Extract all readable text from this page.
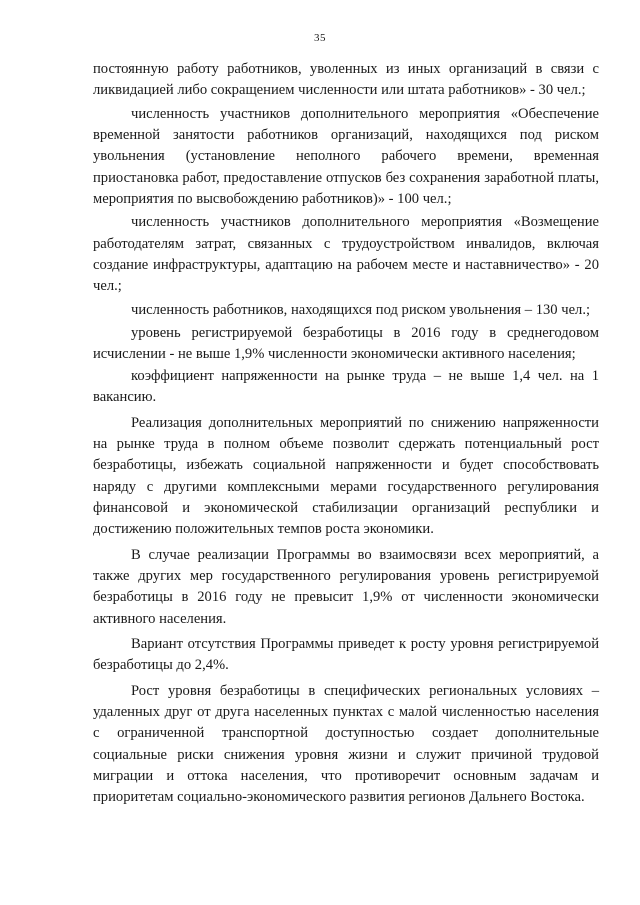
35

постоянную работу работников, уволенных из иных организаций в связи с ликвидацией либо сокращением численности или штата работников» - 30 чел.;

численность участников дополнительного мероприятия «Обеспечение временной занятости работников организаций, находящихся под риском увольнения (установление неполного рабочего времени, временная приостановка работ, предоставление отпусков без сохранения заработной платы, мероприятия по высвобождению работников)» - 100 чел.;

численность участников дополнительного мероприятия «Возмещение работодателям затрат, связанных с трудоустройством инвалидов, включая создание инфраструктуры, адаптацию на рабочем месте и наставничество» - 20 чел.;

численность работников, находящихся под риском увольнения – 130 чел.;

уровень регистрируемой безработицы в 2016 году в среднегодовом исчислении - не выше 1,9% численности экономически активного населения;

коэффициент напряженности на рынке труда – не выше 1,4 чел. на 1 вакансию.

Реализация дополнительных мероприятий по снижению напряженности на рынке труда в полном объеме позволит сдержать потенциальный рост безработицы, избежать социальной напряженности и будет способствовать наряду с другими комплексными мерами государственного регулирования финансовой и экономической стабилизации организаций республики и достижению положительных темпов роста экономики.

В случае реализации Программы во взаимосвязи всех мероприятий, а также других мер государственного регулирования уровень регистрируемой безработицы в 2016 году не превысит 1,9% от численности экономически активного населения.

Вариант отсутствия Программы приведет к росту уровня регистрируемой безработицы до 2,4%.

Рост уровня безработицы в специфических региональных условиях – удаленных друг от друга населенных пунктах с малой численностью населения с ограниченной транспортной доступностью создает дополнительные социальные риски снижения уровня жизни и служит причиной трудовой миграции и оттока населения, что противоречит основным задачам и приоритетам социально-экономического развития регионов Дальнего Востока.
